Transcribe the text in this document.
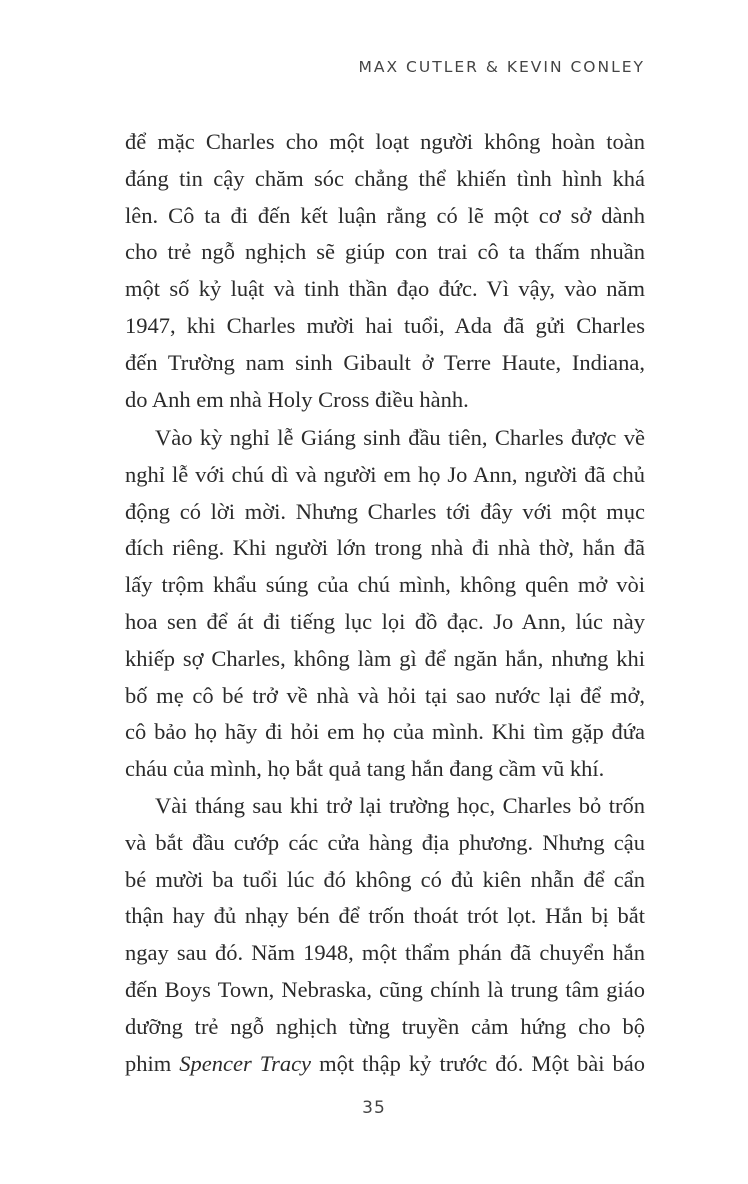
MAX CUTLER & KEVIN CONLEY
để mặc Charles cho một loạt người không hoàn toàn
đáng tin cậy chăm sóc chẳng thể khiến tình hình khá
lên. Cô ta đi đến kết luận rằng có lẽ một cơ sở dành
cho trẻ ngỗ nghịch sẽ giúp con trai cô ta thấm nhuần
một số kỷ luật và tinh thần đạo đức. Vì vậy, vào năm
1947, khi Charles mười hai tuổi, Ada đã gửi Charles
đến Trường nam sinh Gibault ở Terre Haute, Indiana,
do Anh em nhà Holy Cross điều hành.
Vào kỳ nghỉ lễ Giáng sinh đầu tiên, Charles được về
nghỉ lễ với chú dì và người em họ Jo Ann, người đã chủ
động có lời mời. Nhưng Charles tới đây với một mục
đích riêng. Khi người lớn trong nhà đi nhà thờ, hắn đã
lấy trộm khẩu súng của chú mình, không quên mở vòi
hoa sen để át đi tiếng lục lọi đồ đạc. Jo Ann, lúc này
khiếp sợ Charles, không làm gì để ngăn hắn, nhưng khi
bố mẹ cô bé trở về nhà và hỏi tại sao nước lại để mở,
cô bảo họ hãy đi hỏi em họ của mình. Khi tìm gặp đứa
cháu của mình, họ bắt quả tang hắn đang cầm vũ khí.
Vài tháng sau khi trở lại trường học, Charles bỏ trốn
và bắt đầu cướp các cửa hàng địa phương. Nhưng cậu
bé mười ba tuổi lúc đó không có đủ kiên nhẫn để cẩn
thận hay đủ nhạy bén để trốn thoát trót lọt. Hắn bị bắt
ngay sau đó. Năm 1948, một thẩm phán đã chuyển hắn
đến Boys Town, Nebraska, cũng chính là trung tâm giáo
dưỡng trẻ ngỗ nghịch từng truyền cảm hứng cho bộ
phim Spencer Tracy một thập kỷ trước đó. Một bài báo
35
